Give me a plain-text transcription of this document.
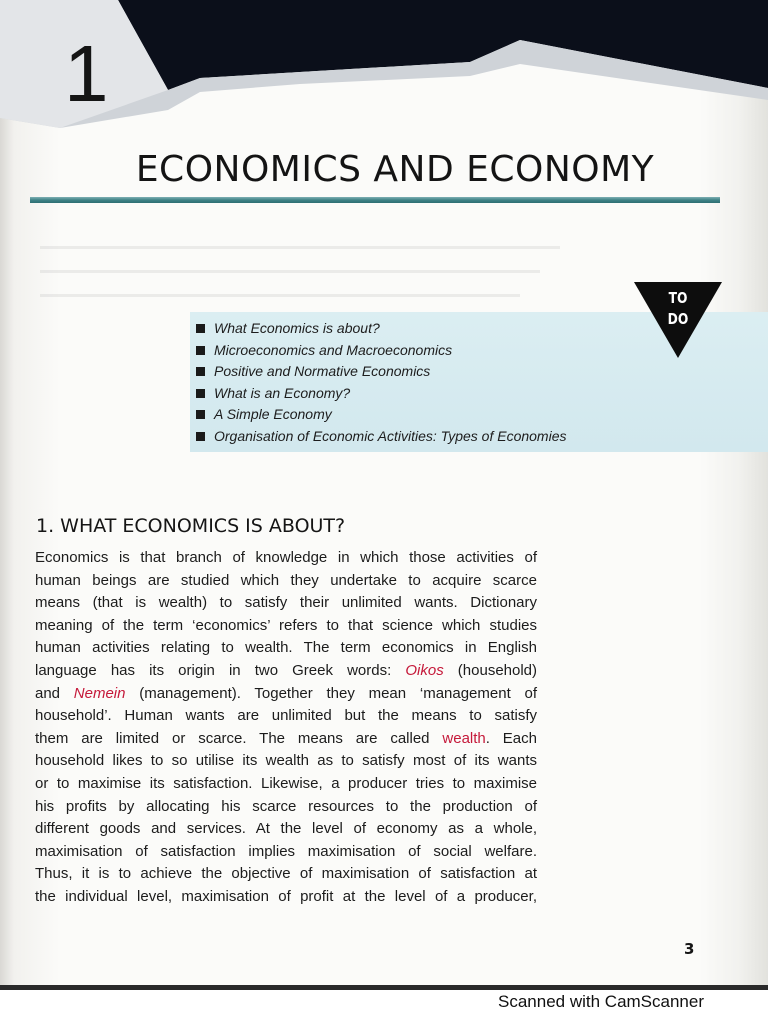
1
ECONOMICS AND ECONOMY
What Economics is about?
Microeconomics and Macroeconomics
Positive and Normative Economics
What is an Economy?
A Simple Economy
Organisation of Economic Activities: Types of Economies
TO
DO
1. WHAT ECONOMICS IS ABOUT?
Economics is that branch of knowledge in which those activities of
human beings are studied which they undertake to acquire scarce
means (that is wealth) to satisfy their unlimited wants. Dictionary
meaning of the term ‘economics’ refers to that science which studies
human activities relating to wealth. The term economics in English
language has its origin in two Greek words: Oikos (household)
and Nemein (management). Together they mean ‘management of
household’. Human wants are unlimited but the means to satisfy
them are limited or scarce. The means are called wealth. Each
household likes to so utilise its wealth as to satisfy most of its wants
or to maximise its satisfaction. Likewise, a producer tries to maximise
his profits by allocating his scarce resources to the production of
different goods and services. At the level of economy as a whole,
maximisation of satisfaction implies maximisation of social welfare.
Thus, it is to achieve the objective of maximisation of satisfaction at
the individual level, maximisation of profit at the level of a producer,
3
Scanned with CamScanner
